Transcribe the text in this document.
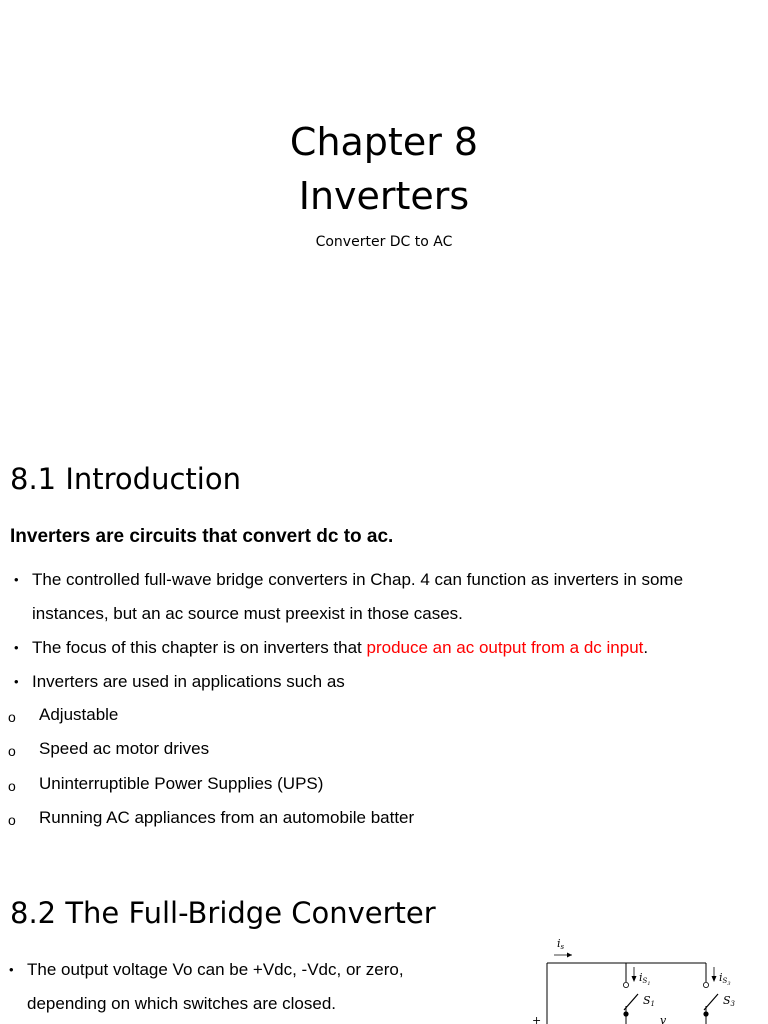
Chapter 8
Inverters
Converter DC to AC
8.1 Introduction
Inverters are circuits that convert dc to ac.
• The controlled full-wave bridge converters in Chap. 4 can function as inverters in some instances, but an ac source must preexist in those cases.
• The focus of this chapter is on inverters that produce an ac output from a dc input.
• Inverters are used in applications such as
o Adjustable
o Speed ac motor drives
o Uninterruptible Power Supplies (UPS)
o Running AC appliances from an automobile batter
8.2 The Full-Bridge Converter
• The output voltage Vo can be +Vdc, -Vdc, or zero, depending on which switches are closed.
is
iS1
S1
iS3
S3
v
+
